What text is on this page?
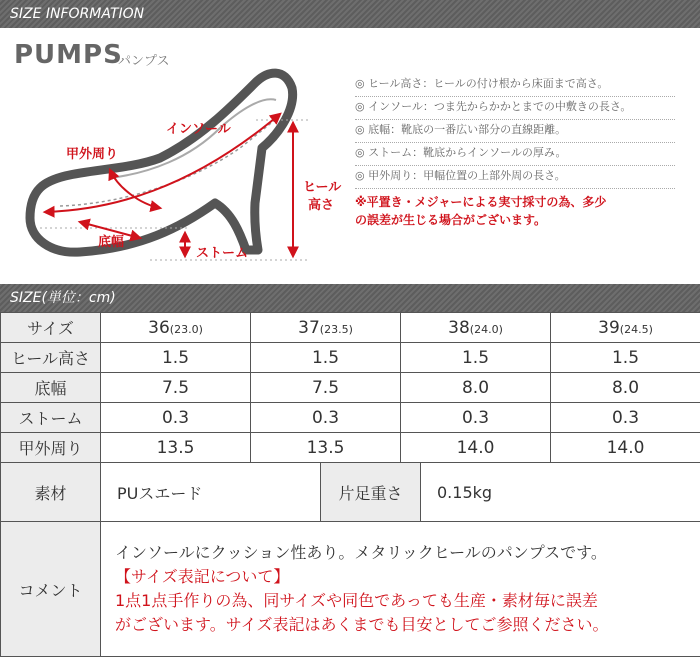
SIZE INFORMATION
PUMPS
パンプス
インソール
甲外周り
ヒール
高さ
底幅
ストーム
◎ ヒール高さ：ヒールの付け根から床面まで高さ。
◎ インソール：つま先からかかとまでの中敷きの長さ。
◎ 底幅：靴底の一番広い部分の直線距離。
◎ ストーム：靴底からインソールの厚み。
◎ 甲外周り：甲幅位置の上部外周の長さ。
※平置き・メジャーによる実寸採寸の為、多少
の誤差が生じる場合がございます。
SIZE(単位：cm)
サイズ	36(23.0)	37(23.5)	38(24.0)	39(24.5)
ヒール高さ	1.5	1.5	1.5	1.5
底幅	7.5	7.5	8.0	8.0
ストーム	0.3	0.3	0.3	0.3
甲外周り	13.5	13.5	14.0	14.0
素材	PUスエード	片足重さ	0.15kg
コメント	インソールにクッション性あり。メタリックヒールのパンプスです。
【サイズ表記について】
1点1点手作りの為、同サイズや同色であっても生産・素材毎に誤差
がございます。サイズ表記はあくまでも目安としてご参照ください。		
